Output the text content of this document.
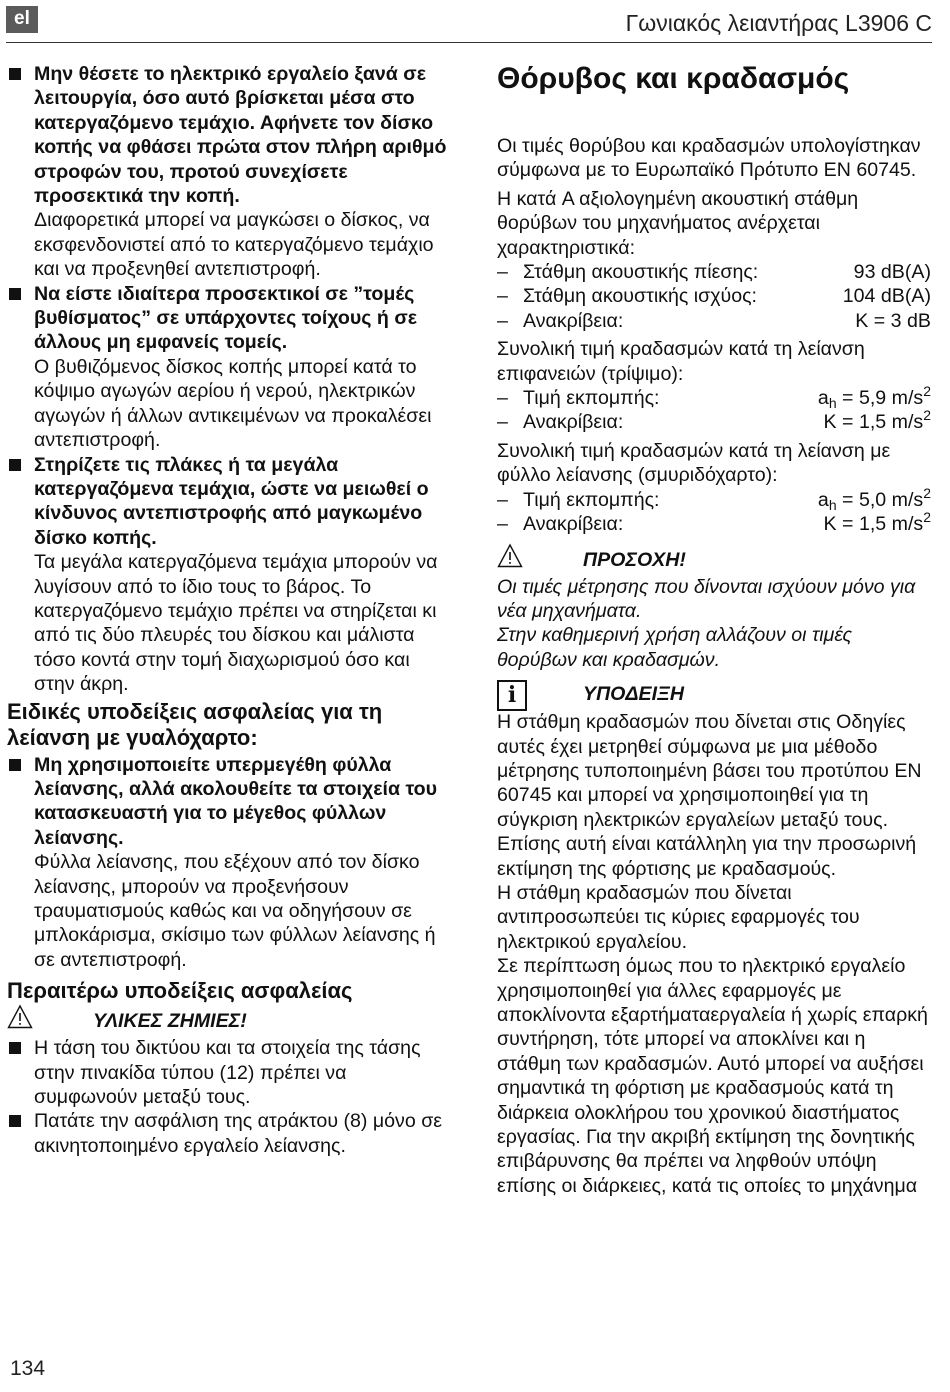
el	Γωνιακός λειαντήρας L3906 C

Μην θέσετε το ηλεκτρικό εργαλείο ξανά σε λειτουργία, όσο αυτό βρίσκεται μέσα στο κατεργαζόμενο τεμάχιο. Αφήνετε τον δίσκο κοπής να φθάσει πρώτα στον πλήρη αριθμό στροφών του, προτού συνεχίσετε προσεκτικά την κοπή.

Διαφορετικά μπορεί να μαγκώσει ο δίσκος, να εκσφενδονιστεί από το κατεργαζόμενο τεμάχιο και να προξενηθεί αντεπιστροφή.

Να είστε ιδιαίτερα προσεκτικοί σε ”τομές βυθίσματος” σε υπάρχοντες τοίχους ή σε άλλους μη εμφανείς τομείς.

Ο βυθιζόμενος δίσκος κοπής μπορεί κατά το κόψιμο αγωγών αερίου ή νερού, ηλεκτρικών αγωγών ή άλλων αντικειμένων να προκαλέσει αντεπιστροφή.

Στηρίζετε τις πλάκες ή τα μεγάλα κατεργαζόμενα τεμάχια, ώστε να μειωθεί ο κίνδυνος αντεπιστροφής από μαγκωμένο δίσκο κοπής.

Τα μεγάλα κατεργαζόμενα τεμάχια μπορούν να λυγίσουν από το ίδιο τους το βάρος. Το κατεργαζόμενο τεμάχιο πρέπει να στηρίζεται κι από τις δύο πλευρές του δίσκου και μάλιστα τόσο κοντά στην τομή διαχωρισμού όσο και στην άκρη.

Ειδικές υποδείξεις ασφαλείας για τη λείανση με γυαλόχαρτο:

Μη χρησιμοποιείτε υπερμεγέθη φύλλα λείανσης, αλλά ακολουθείτε τα στοιχεία του κατασκευαστή για το μέγεθος φύλλων λείανσης.

Φύλλα λείανσης, που εξέχουν από τον δίσκο λείανσης, μπορούν να προξενήσουν τραυματισμούς καθώς και να οδηγήσουν σε μπλοκάρισμα, σκίσιμο των φύλλων λείανσης ή σε αντεπιστροφή.

Περαιτέρω υποδείξεις ασφαλείας
ΥΛΙΚΕΣ ΖΗΜΙΕΣ!

Η τάση του δικτύου και τα στοιχεία της τάσης στην πινακίδα τύπου (12) πρέπει να συμφωνούν μεταξύ τους.

Πατάτε την ασφάλιση της ατράκτου (8) μόνο σε ακινητοποιημένο εργαλείο λείανσης.

Θόρυβος και κραδασμός

Οι τιμές θορύβου και κραδασμών υπολογίστηκαν σύμφωνα με το Ευρωπαϊκό Πρότυπο EN 60745.

Η κατά A αξιολογημένη ακουστική στάθμη θορύβων του μηχανήματος ανέρχεται χαρακτηριστικά:

– Στάθμη ακουστικής πίεσης:	93 dB(A)
– Στάθμη ακουστικής ισχύος:	104 dB(A)
– Ανακρίβεια:	K = 3 dB

Συνολική τιμή κραδασμών κατά τη λείανση επιφανειών (τρίψιμο):

– Τιμή εκπομπής:	$a_h = 5,9$ $m/s^2$
– Ανακρίβεια:	K = 1,5 $m/s^2$

Συνολική τιμή κραδασμών κατά τη λείανση με φύλλο λείανσης (σμυριδόχαρτο):

– Τιμή εκπομπής:	$a_h = 5,0$ $m/s^2$
– Ανακρίβεια:	K = 1,5 $m/s^2$
ΠΡΟΣΟΧΗ!

Οι τιμές μέτρησης που δίνονται ισχύουν μόνο για νέα μηχανήματα.

Στην καθημερινή χρήση αλλάζουν οι τιμές θορύβων και κραδασμών.

i	ΥΠΟΔΕΙΞΗ

Η στάθμη κραδασμών που δίνεται στις Οδηγίες αυτές έχει μετρηθεί σύμφωνα με μια μέθοδο μέτρησης τυποποιημένη βάσει του προτύπου EN 60745 και μπορεί να χρησιμοποιηθεί για τη σύγκριση ηλεκτρικών εργαλείων μεταξύ τους. Επίσης αυτή είναι κατάλληλη για την προσωρινή εκτίμηση της φόρτισης με κραδασμούς.

Η στάθμη κραδασμών που δίνεται αντιπροσωπεύει τις κύριες εφαρμογές του ηλεκτρικού εργαλείου.

Σε περίπτωση όμως που το ηλεκτρικό εργαλείο χρησιμοποιηθεί για άλλες εφαρμογές με αποκλίνοντα εξαρτήματαεργαλεία ή χωρίς επαρκή συντήρηση, τότε μπορεί να αποκλίνει και η στάθμη των κραδασμών. Αυτό μπορεί να αυξήσει σημαντικά τη φόρτιση με κραδασμούς κατά τη διάρκεια ολοκλήρου του χρονικού διαστήματος εργασίας. Για την ακριβή εκτίμηση της δονητικής επιβάρυνσης θα πρέπει να ληφθούν υπόψη επίσης οι διάρκειες, κατά τις οποίες το μηχάνημα

134
